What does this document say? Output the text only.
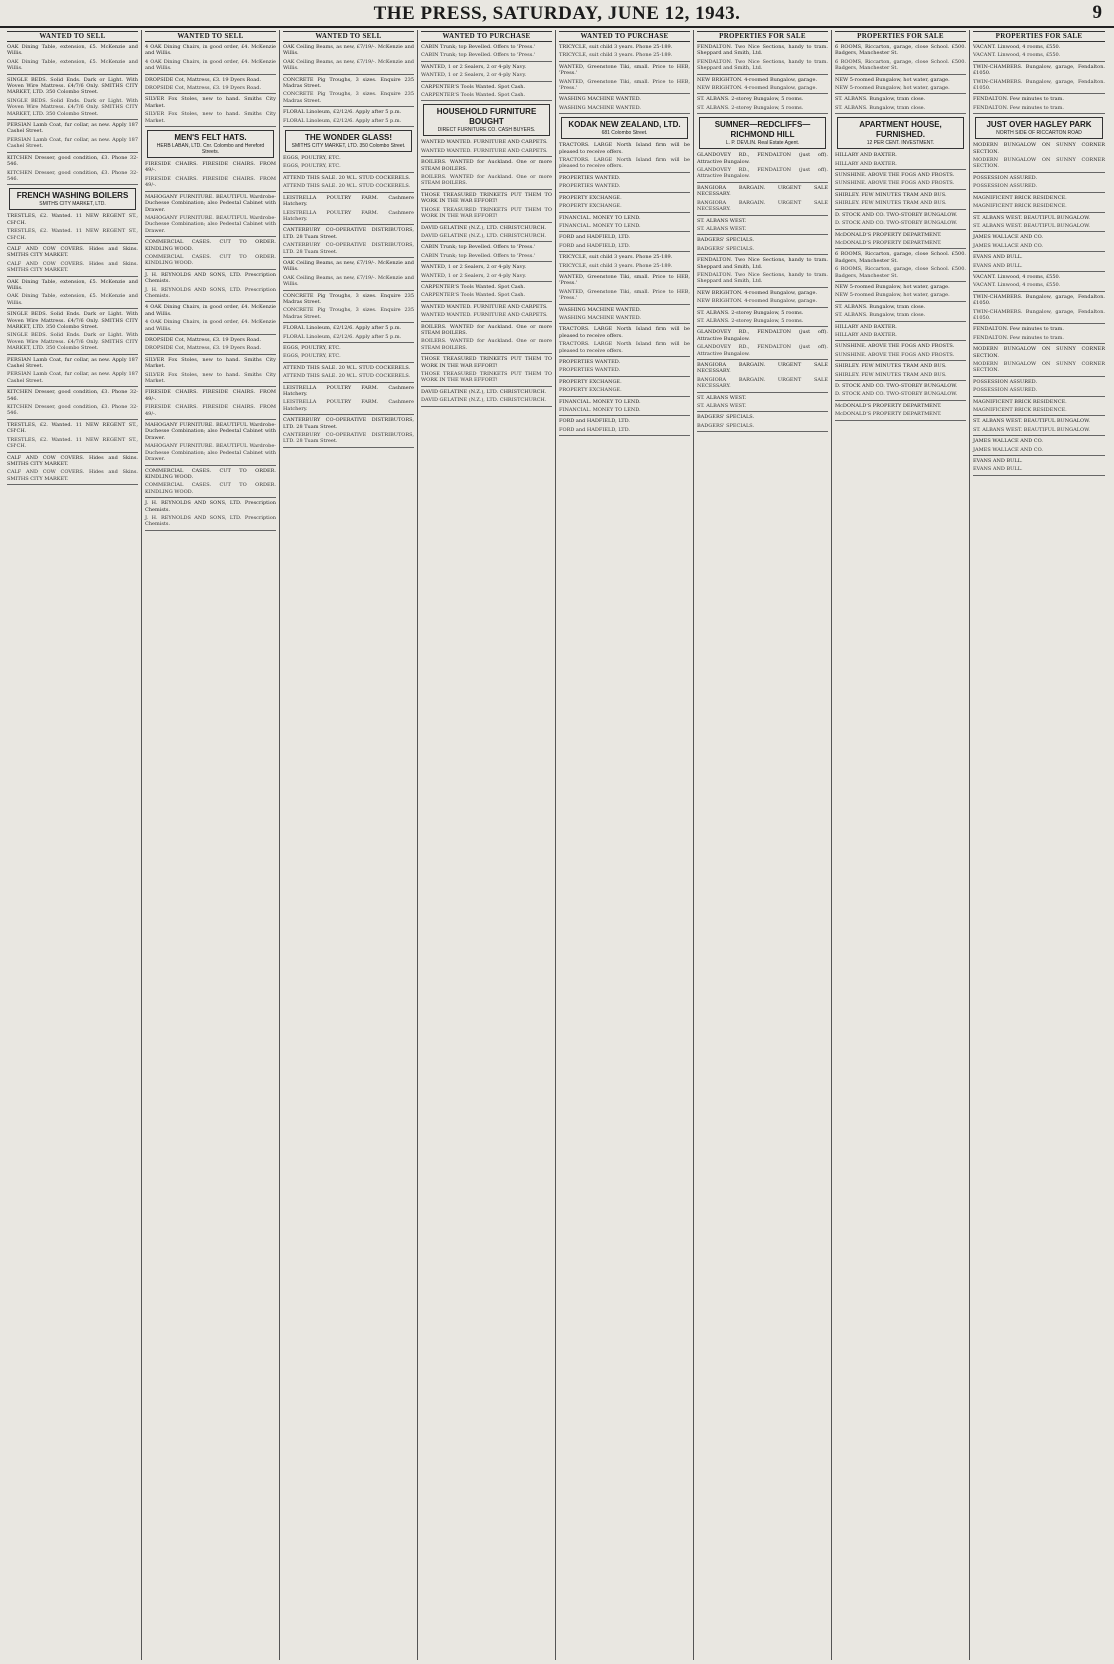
THE PRESS, SATURDAY, JUNE 12, 1943.	9
WANTED TO SELL
OAK Dining Table, extension, £5. McKenzie and Willis.
OAK Dining Table, extension, £5. McKenzie and Willis.
SINGLE BEDS. Solid Ends. Dark or Light. With Woven Wire Mattress. £4/7/6 Only. SMITHS CITY MARKET, LTD. 350 Colombo Street.
SINGLE BEDS. Solid Ends. Dark or Light. With Woven Wire Mattress. £4/7/6 Only. SMITHS CITY MARKET, LTD. 350 Colombo Street.
PERSIAN Lamb Coat, fur collar, as new. Apply 187 Cashel Street.
PERSIAN Lamb Coat, fur collar, as new. Apply 187 Cashel Street.
KITCHEN Dresser, good condition, £3. Phone 32-546.
KITCHEN Dresser, good condition, £3. Phone 32-546.
FRENCH WASHING BOILERS
SMITHS CITY MARKET, LTD.
TRESTLES, £2. Wanted. 11 NEW REGENT ST., CH'CH.
TRESTLES, £2. Wanted. 11 NEW REGENT ST., CH'CH.
CALF AND COW COVERS. Hides and Skins. SMITHS CITY MARKET.
CALF AND COW COVERS. Hides and Skins. SMITHS CITY MARKET.
OAK Dining Table, extension, £5. McKenzie and Willis.
OAK Dining Table, extension, £5. McKenzie and Willis.
SINGLE BEDS. Solid Ends. Dark or Light. With Woven Wire Mattress. £4/7/6 Only. SMITHS CITY MARKET, LTD. 350 Colombo Street.
SINGLE BEDS. Solid Ends. Dark or Light. With Woven Wire Mattress. £4/7/6 Only. SMITHS CITY MARKET, LTD. 350 Colombo Street.
PERSIAN Lamb Coat, fur collar, as new. Apply 187 Cashel Street.
PERSIAN Lamb Coat, fur collar, as new. Apply 187 Cashel Street.
KITCHEN Dresser, good condition, £3. Phone 32-546.
KITCHEN Dresser, good condition, £3. Phone 32-546.
TRESTLES, £2. Wanted. 11 NEW REGENT ST., CH'CH.
TRESTLES, £2. Wanted. 11 NEW REGENT ST., CH'CH.
CALF AND COW COVERS. Hides and Skins. SMITHS CITY MARKET.
CALF AND COW COVERS. Hides and Skins. SMITHS CITY MARKET.
WANTED TO SELL
4 OAK Dining Chairs, in good order, £4. McKenzie and Willis.
4 OAK Dining Chairs, in good order, £4. McKenzie and Willis.
DROPSIDE Cot, Mattress, £3. 19 Dyers Road.
DROPSIDE Cot, Mattress, £3. 19 Dyers Road.
SILVER Fox Stoles, new to hand. Smiths City Market.
SILVER Fox Stoles, new to hand. Smiths City Market.
MEN'S FELT HATS.
HERB LABAN, LTD. Cnr. Colombo and Hereford Streets.
FIRESIDE CHAIRS. FIRESIDE CHAIRS. FROM 49/-.
FIRESIDE CHAIRS. FIRESIDE CHAIRS. FROM 49/-.
MAHOGANY FURNITURE. BEAUTIFUL Wardrobe-Duchesse Combination; also Pedestal Cabinet with Drawer.
MAHOGANY FURNITURE. BEAUTIFUL Wardrobe-Duchesse Combination; also Pedestal Cabinet with Drawer.
COMMERCIAL CASES. CUT TO ORDER. KINDLING WOOD.
COMMERCIAL CASES. CUT TO ORDER. KINDLING WOOD.
J. H. REYNOLDS AND SONS, LTD. Prescription Chemists.
J. H. REYNOLDS AND SONS, LTD. Prescription Chemists.
4 OAK Dining Chairs, in good order, £4. McKenzie and Willis.
4 OAK Dining Chairs, in good order, £4. McKenzie and Willis.
DROPSIDE Cot, Mattress, £3. 19 Dyers Road.
DROPSIDE Cot, Mattress, £3. 19 Dyers Road.
SILVER Fox Stoles, new to hand. Smiths City Market.
SILVER Fox Stoles, new to hand. Smiths City Market.
FIRESIDE CHAIRS. FIRESIDE CHAIRS. FROM 49/-.
FIRESIDE CHAIRS. FIRESIDE CHAIRS. FROM 49/-.
MAHOGANY FURNITURE. BEAUTIFUL Wardrobe-Duchesse Combination; also Pedestal Cabinet with Drawer.
MAHOGANY FURNITURE. BEAUTIFUL Wardrobe-Duchesse Combination; also Pedestal Cabinet with Drawer.
COMMERCIAL CASES. CUT TO ORDER. KINDLING WOOD.
COMMERCIAL CASES. CUT TO ORDER. KINDLING WOOD.
J. H. REYNOLDS AND SONS, LTD. Prescription Chemists.
J. H. REYNOLDS AND SONS, LTD. Prescription Chemists.
WANTED TO SELL
OAK Ceiling Beams, as new, £7/19/-. McKenzie and Willis.
OAK Ceiling Beams, as new, £7/19/-. McKenzie and Willis.
CONCRETE Pig Troughs, 3 sizes. Enquire 235 Madras Street.
CONCRETE Pig Troughs, 3 sizes. Enquire 235 Madras Street.
FLORAL Linoleum, £2/12/6. Apply after 5 p.m.
FLORAL Linoleum, £2/12/6. Apply after 5 p.m.
THE WONDER GLASS!
SMITHS CITY MARKET, LTD. 350 Colombo Street.
EGGS, POULTRY, ETC.
EGGS, POULTRY, ETC.
ATTEND THIS SALE. 20 W.L. STUD COCKERELS.
ATTEND THIS SALE. 20 W.L. STUD COCKERELS.
LEISTRELLA POULTRY FARM. Cashmere Hatchery.
LEISTRELLA POULTRY FARM. Cashmere Hatchery.
CANTERBURY CO-OPERATIVE DISTRIBUTORS, LTD. 28 Tuam Street.
CANTERBURY CO-OPERATIVE DISTRIBUTORS, LTD. 28 Tuam Street.
OAK Ceiling Beams, as new, £7/19/-. McKenzie and Willis.
OAK Ceiling Beams, as new, £7/19/-. McKenzie and Willis.
CONCRETE Pig Troughs, 3 sizes. Enquire 235 Madras Street.
CONCRETE Pig Troughs, 3 sizes. Enquire 235 Madras Street.
FLORAL Linoleum, £2/12/6. Apply after 5 p.m.
FLORAL Linoleum, £2/12/6. Apply after 5 p.m.
EGGS, POULTRY, ETC.
EGGS, POULTRY, ETC.
ATTEND THIS SALE. 20 W.L. STUD COCKERELS.
ATTEND THIS SALE. 20 W.L. STUD COCKERELS.
LEISTRELLA POULTRY FARM. Cashmere Hatchery.
LEISTRELLA POULTRY FARM. Cashmere Hatchery.
CANTERBURY CO-OPERATIVE DISTRIBUTORS, LTD. 28 Tuam Street.
CANTERBURY CO-OPERATIVE DISTRIBUTORS, LTD. 28 Tuam Street.
WANTED TO PURCHASE
CABIN Trunk; top Bevelled. Offers to 'Press.'
CABIN Trunk; top Bevelled. Offers to 'Press.'
WANTED, 1 or 2 Sealers, 2 or 4-ply Navy.
WANTED, 1 or 2 Sealers, 2 or 4-ply Navy.
CARPENTER'S Tools Wanted. Spot Cash.
CARPENTER'S Tools Wanted. Spot Cash.
HOUSEHOLD FURNITURE BOUGHT
DIRECT FURNITURE CO. CASH BUYERS.
WANTED WANTED. FURNITURE AND CARPETS.
WANTED WANTED. FURNITURE AND CARPETS.
BOILERS. WANTED for Auckland. One or more STEAM BOILERS.
BOILERS. WANTED for Auckland. One or more STEAM BOILERS.
THOSE TREASURED TRINKETS PUT THEM TO WORK IN THE WAR EFFORT!
THOSE TREASURED TRINKETS PUT THEM TO WORK IN THE WAR EFFORT!
DAVID GELATINE (N.Z.), LTD. CHRISTCHURCH.
DAVID GELATINE (N.Z.), LTD. CHRISTCHURCH.
CABIN Trunk; top Bevelled. Offers to 'Press.'
CABIN Trunk; top Bevelled. Offers to 'Press.'
WANTED, 1 or 2 Sealers, 2 or 4-ply Navy.
WANTED, 1 or 2 Sealers, 2 or 4-ply Navy.
CARPENTER'S Tools Wanted. Spot Cash.
CARPENTER'S Tools Wanted. Spot Cash.
WANTED WANTED. FURNITURE AND CARPETS.
WANTED WANTED. FURNITURE AND CARPETS.
BOILERS. WANTED for Auckland. One or more STEAM BOILERS.
BOILERS. WANTED for Auckland. One or more STEAM BOILERS.
THOSE TREASURED TRINKETS PUT THEM TO WORK IN THE WAR EFFORT!
THOSE TREASURED TRINKETS PUT THEM TO WORK IN THE WAR EFFORT!
DAVID GELATINE (N.Z.), LTD. CHRISTCHURCH.
DAVID GELATINE (N.Z.), LTD. CHRISTCHURCH.
WANTED TO PURCHASE
TRICYCLE, suit child 3 years. Phone 25-189.
TRICYCLE, suit child 3 years. Phone 25-189.
WANTED, Greenstone Tiki, small. Price to HEB, 'Press.'
WANTED, Greenstone Tiki, small. Price to HEB, 'Press.'
WASHING MACHINE WANTED.
WASHING MACHINE WANTED.
KODAK NEW ZEALAND, LTD.
681 Colombo Street.
TRACTORS. LARGE North Island firm will be pleased to receive offers.
TRACTORS. LARGE North Island firm will be pleased to receive offers.
PROPERTIES WANTED.
PROPERTIES WANTED.
PROPERTY EXCHANGE.
PROPERTY EXCHANGE.
FINANCIAL. MONEY TO LEND.
FINANCIAL. MONEY TO LEND.
FORD and HADFIELD, LTD.
FORD and HADFIELD, LTD.
TRICYCLE, suit child 3 years. Phone 25-189.
TRICYCLE, suit child 3 years. Phone 25-189.
WANTED, Greenstone Tiki, small. Price to HEB, 'Press.'
WANTED, Greenstone Tiki, small. Price to HEB, 'Press.'
WASHING MACHINE WANTED.
WASHING MACHINE WANTED.
TRACTORS. LARGE North Island firm will be pleased to receive offers.
TRACTORS. LARGE North Island firm will be pleased to receive offers.
PROPERTIES WANTED.
PROPERTIES WANTED.
PROPERTY EXCHANGE.
PROPERTY EXCHANGE.
FINANCIAL. MONEY TO LEND.
FINANCIAL. MONEY TO LEND.
FORD and HADFIELD, LTD.
FORD and HADFIELD, LTD.
PROPERTIES FOR SALE
FENDALTON. Two Nice Sections, handy to tram. Sheppard and Smith, Ltd.
FENDALTON. Two Nice Sections, handy to tram. Sheppard and Smith, Ltd.
NEW BRIGHTON. 4-roomed Bungalow, garage.
NEW BRIGHTON. 4-roomed Bungalow, garage.
ST. ALBANS. 2-storey Bungalow, 5 rooms.
ST. ALBANS. 2-storey Bungalow, 5 rooms.
SUMNER—REDCLIFFS—RICHMOND HILL
L. P. DEVLIN. Real Estate Agent.
GLANDOVEY RD., FENDALTON (just off). Attractive Bungalow.
GLANDOVEY RD., FENDALTON (just off). Attractive Bungalow.
BANGIORA BARGAIN. URGENT SALE NECESSARY.
BANGIORA BARGAIN. URGENT SALE NECESSARY.
ST. ALBANS WEST.
ST. ALBANS WEST.
BADGERS' SPECIALS.
BADGERS' SPECIALS.
FENDALTON. Two Nice Sections, handy to tram. Sheppard and Smith, Ltd.
FENDALTON. Two Nice Sections, handy to tram. Sheppard and Smith, Ltd.
NEW BRIGHTON. 4-roomed Bungalow, garage.
NEW BRIGHTON. 4-roomed Bungalow, garage.
ST. ALBANS. 2-storey Bungalow, 5 rooms.
ST. ALBANS. 2-storey Bungalow, 5 rooms.
GLANDOVEY RD., FENDALTON (just off). Attractive Bungalow.
GLANDOVEY RD., FENDALTON (just off). Attractive Bungalow.
BANGIORA BARGAIN. URGENT SALE NECESSARY.
BANGIORA BARGAIN. URGENT SALE NECESSARY.
ST. ALBANS WEST.
ST. ALBANS WEST.
BADGERS' SPECIALS.
BADGERS' SPECIALS.
PROPERTIES FOR SALE
6 ROOMS, Riccarton, garage, close School. £500. Badgers, Manchester St.
6 ROOMS, Riccarton, garage, close School. £500. Badgers, Manchester St.
NEW 5-roomed Bungalow, hot water, garage.
NEW 5-roomed Bungalow, hot water, garage.
ST. ALBANS. Bungalow, tram close.
ST. ALBANS. Bungalow, tram close.
APARTMENT HOUSE, FURNISHED.
12 PER CENT. INVESTMENT.
HILLARY AND BAXTER.
HILLARY AND BAXTER.
SUNSHINE. ABOVE THE FOGS AND FROSTS.
SUNSHINE. ABOVE THE FOGS AND FROSTS.
SHIRLEY. FEW MINUTES TRAM AND BUS.
SHIRLEY. FEW MINUTES TRAM AND BUS.
D. STOCK AND CO. TWO-STOREY BUNGALOW.
D. STOCK AND CO. TWO-STOREY BUNGALOW.
McDONALD'S PROPERTY DEPARTMENT.
McDONALD'S PROPERTY DEPARTMENT.
6 ROOMS, Riccarton, garage, close School. £500. Badgers, Manchester St.
6 ROOMS, Riccarton, garage, close School. £500. Badgers, Manchester St.
NEW 5-roomed Bungalow, hot water, garage.
NEW 5-roomed Bungalow, hot water, garage.
ST. ALBANS. Bungalow, tram close.
ST. ALBANS. Bungalow, tram close.
HILLARY AND BAXTER.
HILLARY AND BAXTER.
SUNSHINE. ABOVE THE FOGS AND FROSTS.
SUNSHINE. ABOVE THE FOGS AND FROSTS.
SHIRLEY. FEW MINUTES TRAM AND BUS.
SHIRLEY. FEW MINUTES TRAM AND BUS.
D. STOCK AND CO. TWO-STOREY BUNGALOW.
D. STOCK AND CO. TWO-STOREY BUNGALOW.
McDONALD'S PROPERTY DEPARTMENT.
McDONALD'S PROPERTY DEPARTMENT.
PROPERTIES FOR SALE
VACANT. Linwood, 4 rooms, £550.
VACANT. Linwood, 4 rooms, £550.
TWIN-CHAMBERS. Bungalow, garage, Fendalton. £1050.
TWIN-CHAMBERS. Bungalow, garage, Fendalton. £1050.
FENDALTON. Few minutes to tram.
FENDALTON. Few minutes to tram.
JUST OVER HAGLEY PARK
NORTH SIDE OF RICCARTON ROAD
MODERN BUNGALOW ON SUNNY CORNER SECTION.
MODERN BUNGALOW ON SUNNY CORNER SECTION.
POSSESSION ASSURED.
POSSESSION ASSURED.
MAGNIFICENT BRICK RESIDENCE.
MAGNIFICENT BRICK RESIDENCE.
ST. ALBANS WEST. BEAUTIFUL BUNGALOW.
ST. ALBANS WEST. BEAUTIFUL BUNGALOW.
JAMES WALLACE AND CO.
JAMES WALLACE AND CO.
EVANS AND BULL.
EVANS AND BULL.
VACANT. Linwood, 4 rooms, £550.
VACANT. Linwood, 4 rooms, £550.
TWIN-CHAMBERS. Bungalow, garage, Fendalton. £1050.
TWIN-CHAMBERS. Bungalow, garage, Fendalton. £1050.
FENDALTON. Few minutes to tram.
FENDALTON. Few minutes to tram.
MODERN BUNGALOW ON SUNNY CORNER SECTION.
MODERN BUNGALOW ON SUNNY CORNER SECTION.
POSSESSION ASSURED.
POSSESSION ASSURED.
MAGNIFICENT BRICK RESIDENCE.
MAGNIFICENT BRICK RESIDENCE.
ST. ALBANS WEST. BEAUTIFUL BUNGALOW.
ST. ALBANS WEST. BEAUTIFUL BUNGALOW.
JAMES WALLACE AND CO.
JAMES WALLACE AND CO.
EVANS AND BULL.
EVANS AND BULL.
